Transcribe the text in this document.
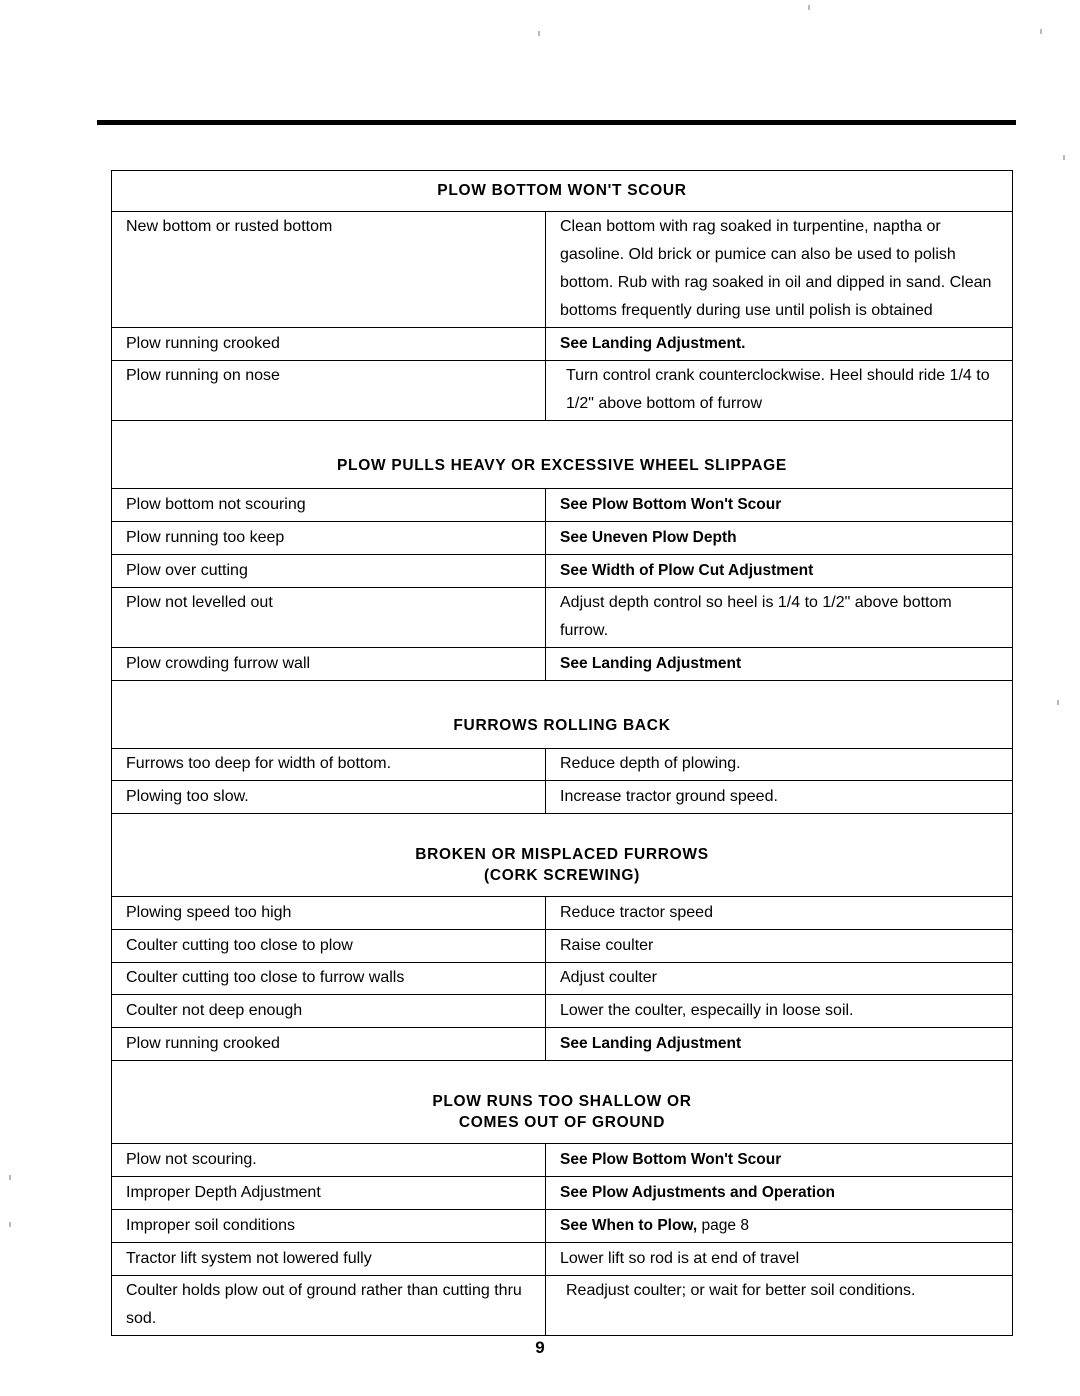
PLOW BOTTOM WON'T SCOUR	
New bottom or rusted bottom	Clean bottom with rag soaked in turpentine, naptha or gasoline. Old brick or pumice can also be used to polish bottom. Rub with rag soaked in oil and dipped in sand. Clean bottoms frequently during use until polish is obtained
Plow running crooked	See Landing Adjustment.
Plow running on nose	Turn control crank counterclockwise. Heel should ride 1/4 to 1/2" above bottom of furrow
PLOW PULLS HEAVY OR EXCESSIVE WHEEL SLIPPAGE	
Plow bottom not scouring	See Plow Bottom Won't Scour
Plow running too keep	See Uneven Plow Depth
Plow over cutting	See Width of Plow Cut Adjustment
Plow not levelled out	Adjust depth control so heel is 1/4 to 1/2" above bottom furrow.
Plow crowding furrow wall	See Landing Adjustment
FURROWS ROLLING BACK	
Furrows too deep for width of bottom.	Reduce depth of plowing.
Plowing too slow.	Increase tractor ground speed.
BROKEN OR MISPLACED FURROWS

(CORK SCREWING)	

Plowing speed too high	Reduce tractor speed
Coulter cutting too close to plow	Raise coulter
Coulter cutting too close to furrow walls	Adjust coulter
Coulter not deep enough	Lower the coulter, especailly in loose soil.
Plow running crooked	See Landing Adjustment
PLOW RUNS TOO SHALLOW OR

COMES OUT OF GROUND	

Plow not scouring.	See Plow Bottom Won't Scour
Improper Depth Adjustment	See Plow Adjustments and Operation
Improper soil conditions	See When to Plow, page 8
Tractor lift system not lowered fully	Lower lift so rod is at end of travel
Coulter holds plow out of ground rather than cutting thru sod.	Readjust coulter; or wait for better soil conditions.
9
